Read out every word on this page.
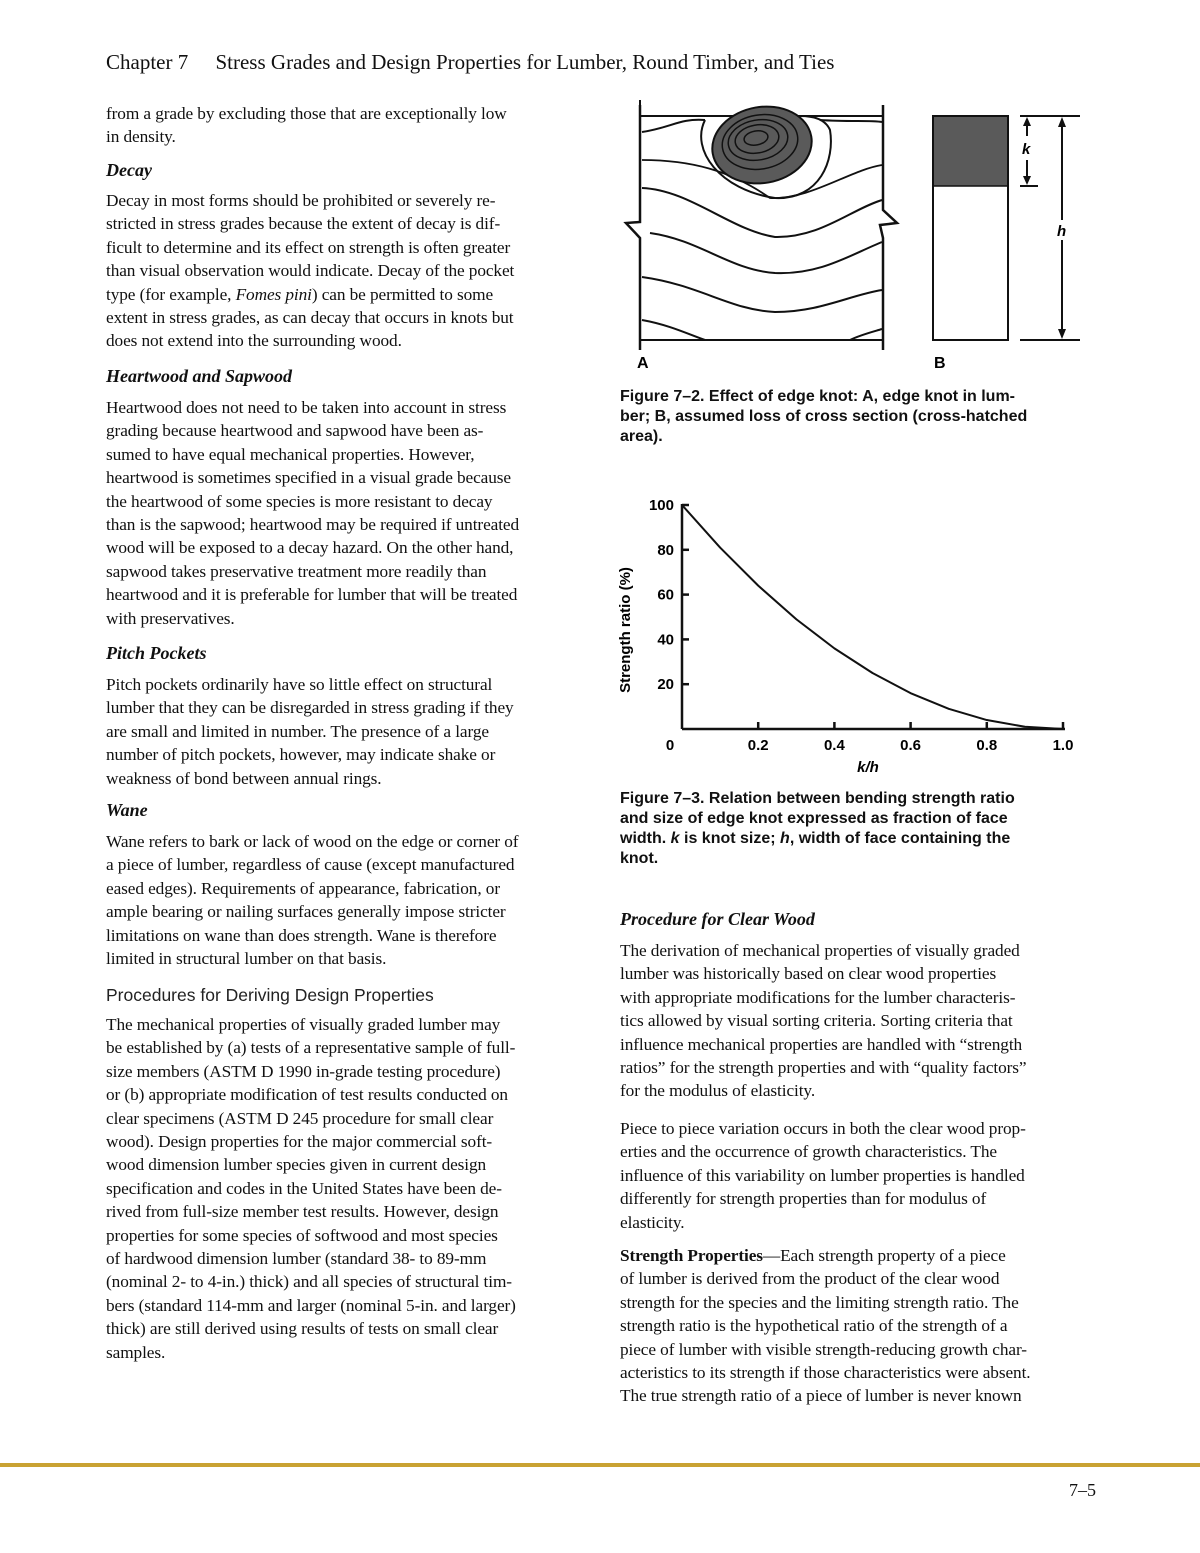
Chapter 7 Stress Grades and Design Properties for Lumber, Round Timber, and Ties
from a grade by excluding those that are exceptionally low
in density.
Decay
Decay in most forms should be prohibited or severely re-
stricted in stress grades because the extent of decay is dif-
ficult to determine and its effect on strength is often greater
than visual observation would indicate. Decay of the pocket
type (for example, Fomes pini) can be permitted to some
extent in stress grades, as can decay that occurs in knots but
does not extend into the surrounding wood.
Heartwood and Sapwood
Heartwood does not need to be taken into account in stress
grading because heartwood and sapwood have been as-
sumed to have equal mechanical properties. However,
heartwood is sometimes specified in a visual grade because
the heartwood of some species is more resistant to decay
than is the sapwood; heartwood may be required if untreated
wood will be exposed to a decay hazard. On the other hand,
sapwood takes preservative treatment more readily than
heartwood and it is preferable for lumber that will be treated
with preservatives.
Pitch Pockets
Pitch pockets ordinarily have so little effect on structural
lumber that they can be disregarded in stress grading if they
are small and limited in number. The presence of a large
number of pitch pockets, however, may indicate shake or
weakness of bond between annual rings.
Wane
Wane refers to bark or lack of wood on the edge or corner of
a piece of lumber, regardless of cause (except manufactured
eased edges). Requirements of appearance, fabrication, or
ample bearing or nailing surfaces generally impose stricter
limitations on wane than does strength. Wane is therefore
limited in structural lumber on that basis.
Procedures for Deriving Design Properties
The mechanical properties of visually graded lumber may
be established by (a) tests of a representative sample of full-
size members (ASTM D 1990 in-grade testing procedure)
or (b) appropriate modification of test results conducted on
clear specimens (ASTM D 245 procedure for small clear
wood). Design properties for the major commercial soft-
wood dimension lumber species given in current design
specification and codes in the United States have been de-
rived from full-size member test results. However, design
properties for some species of softwood and most species
of hardwood dimension lumber (standard 38- to 89-mm
(nominal 2- to 4-in.) thick) and all species of structural tim-
bers (standard 114-mm and larger (nominal 5-in. and larger)
thick) are still derived using results of tests on small clear
samples.
k
h
A	B
Figure 7–2. Effect of edge knot: A, edge knot in lum-
ber; B, assumed loss of cross section (cross-hatched
area).
0	0.2	0.4	0.6	0.8	1.0
20
40
60
80
100
Strength ratio (%)
k/h
Figure 7–3. Relation between bending strength ratio
and size of edge knot expressed as fraction of face
width. k is knot size; h, width of face containing the
knot.
Procedure for Clear Wood
The derivation of mechanical properties of visually graded
lumber was historically based on clear wood properties
with appropriate modifications for the lumber characteris-
tics allowed by visual sorting criteria. Sorting criteria that
influence mechanical properties are handled with “strength
ratios” for the strength properties and with “quality factors”
for the modulus of elasticity.
Piece to piece variation occurs in both the clear wood prop-
erties and the occurrence of growth characteristics. The
influence of this variability on lumber properties is handled
differently for strength properties than for modulus of
elasticity.
Strength Properties—Each strength property of a piece
of lumber is derived from the product of the clear wood
strength for the species and the limiting strength ratio. The
strength ratio is the hypothetical ratio of the strength of a
piece of lumber with visible strength-reducing growth char-
acteristics to its strength if those characteristics were absent.
The true strength ratio of a piece of lumber is never known
7–5
